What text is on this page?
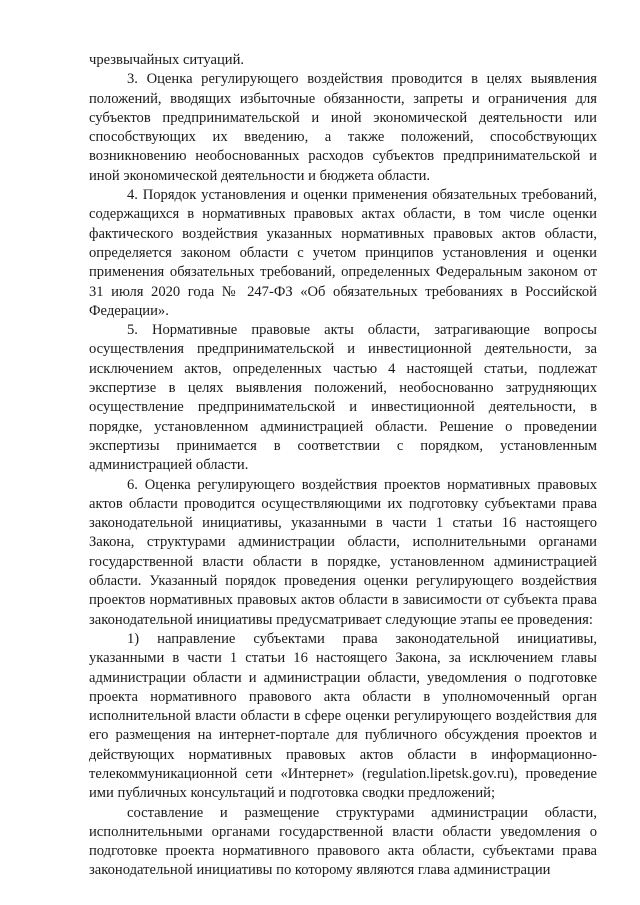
чрезвычайных ситуаций.

3. Оценка регулирующего воздействия проводится в целях выявления положений, вводящих избыточные обязанности, запреты и ограничения для субъектов предпринимательской и иной экономической деятельности или способствующих их введению, а также положений, способствующих возникновению необоснованных расходов субъектов предпринимательской и иной экономической деятельности и бюджета области.

4. Порядок установления и оценки применения обязательных требований, содержащихся в нормативных правовых актах области, в том числе оценки фактического воздействия указанных нормативных правовых актов области, определяется законом области с учетом принципов установления и оценки применения обязательных требований, определенных Федеральным законом от 31 июля 2020 года № 247-ФЗ «Об обязательных требованиях в Российской Федерации».

5. Нормативные правовые акты области, затрагивающие вопросы осуществления предпринимательской и инвестиционной деятельности, за исключением актов, определенных частью 4 настоящей статьи, подлежат экспертизе в целях выявления положений, необоснованно затрудняющих осуществление предпринимательской и инвестиционной деятельности, в порядке, установленном администрацией области. Решение о проведении экспертизы принимается в соответствии с порядком, установленным администрацией области.

6. Оценка регулирующего воздействия проектов нормативных правовых актов области проводится осуществляющими их подготовку субъектами права законодательной инициативы, указанными в части 1 статьи 16 настоящего Закона, структурами администрации области, исполнительными органами государственной власти области в порядке, установленном администрацией области. Указанный порядок проведения оценки регулирующего воздействия проектов нормативных правовых актов области в зависимости от субъекта права законодательной инициативы предусматривает следующие этапы ее проведения:

1) направление субъектами права законодательной инициативы, указанными в части 1 статьи 16 настоящего Закона, за исключением главы администрации области и администрации области, уведомления о подготовке проекта нормативного правового акта области в уполномоченный орган исполнительной власти области в сфере оценки регулирующего воздействия для его размещения на интернет-портале для публичного обсуждения проектов и действующих нормативных правовых актов области в информационно-телекоммуникационной сети «Интернет» (regulation.lipetsk.gov.ru), проведение ими публичных консультаций и подготовка сводки предложений;

составление и размещение структурами администрации области, исполнительными органами государственной власти области уведомления о подготовке проекта нормативного правового акта области, субъектами права законодательной инициативы по которому являются глава администрации
